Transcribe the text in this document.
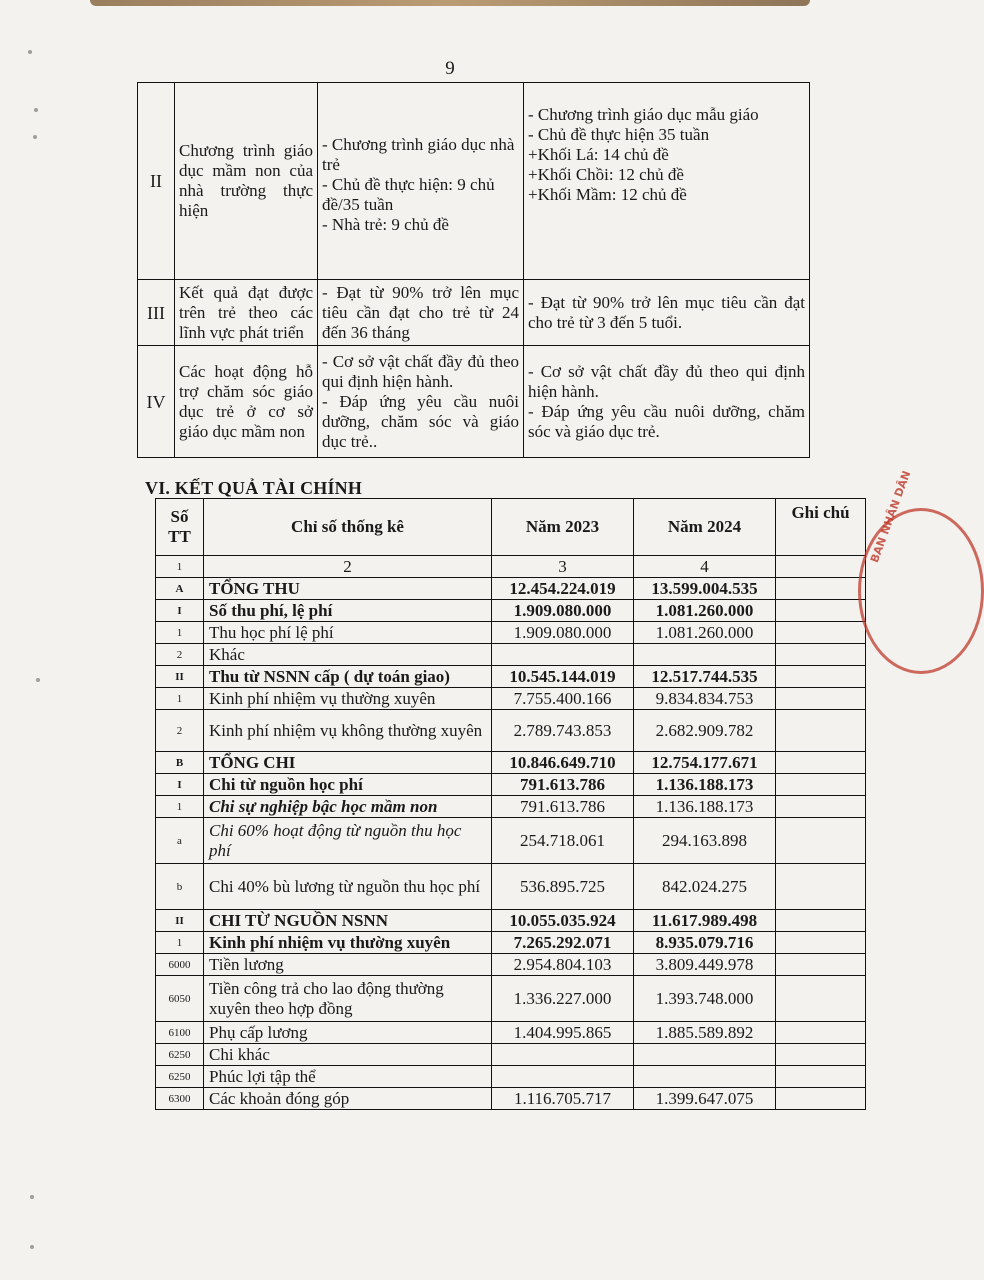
9
II	Chương trình giáo dục mầm non của nhà trường thực hiện	- Chương trình giáo dục nhà trẻ
- Chủ đề thực hiện: 9 chủ đề/35 tuần
- Nhà trẻ: 9 chủ đề	- Chương trình giáo dục mẫu giáo
- Chủ đề thực hiện 35 tuần
+Khối Lá: 14 chủ đề
+Khối Chồi: 12 chủ đề
+Khối Mầm: 12 chủ đề
III	Kết quả đạt được trên trẻ theo các lĩnh vực phát triển	- Đạt từ 90% trở lên mục tiêu cần đạt cho trẻ từ 24 đến 36 tháng	- Đạt từ 90% trở lên mục tiêu cần đạt cho trẻ từ 3 đến 5 tuổi.
IV	Các hoạt động hỗ trợ chăm sóc giáo dục trẻ ở cơ sở giáo dục mầm non	- Cơ sở vật chất đầy đủ theo qui định hiện hành.
- Đáp ứng yêu cầu nuôi dưỡng, chăm sóc và giáo dục trẻ..	- Cơ sở vật chất đầy đủ theo qui định hiện hành.
- Đáp ứng yêu cầu nuôi dưỡng, chăm sóc và giáo dục trẻ.
VI. KẾT QUẢ TÀI CHÍNH
Số TT	Chỉ số thống kê	Năm 2023	Năm 2024	Ghi chú
1	2	3	4	
A	TỔNG THU	12.454.224.019	13.599.004.535	
I	Số thu phí, lệ phí	1.909.080.000	1.081.260.000	
1	Thu học phí lệ phí	1.909.080.000	1.081.260.000	
2	Khác			
II	Thu từ NSNN cấp ( dự toán giao)	10.545.144.019	12.517.744.535	
1	Kinh phí nhiệm vụ thường xuyên	7.755.400.166	9.834.834.753	
2	Kinh phí nhiệm vụ không thường xuyên	2.789.743.853	2.682.909.782	
B	TỔNG CHI	10.846.649.710	12.754.177.671	
I	Chi từ nguồn học phí	791.613.786	1.136.188.173	
1	Chi sự nghiệp bậc học mầm non	791.613.786	1.136.188.173	
a	Chi 60% hoạt động từ nguồn thu học phí	254.718.061	294.163.898	
b	Chi 40% bù lương từ nguồn thu học phí	536.895.725	842.024.275	
II	CHI TỪ NGUỒN NSNN	10.055.035.924	11.617.989.498	
1	Kinh phí nhiệm vụ thường xuyên	7.265.292.071	8.935.079.716	
6000	Tiền lương	2.954.804.103	3.809.449.978	
6050	Tiền công trả cho lao động thường xuyên theo hợp đồng	1.336.227.000	1.393.748.000	
6100	Phụ cấp lương	1.404.995.865	1.885.589.892	
6250	Chi khác			
6250	Phúc lợi tập thể			
6300	Các khoản đóng góp	1.116.705.717	1.399.647.075	
BAN NHÂN DÂN
